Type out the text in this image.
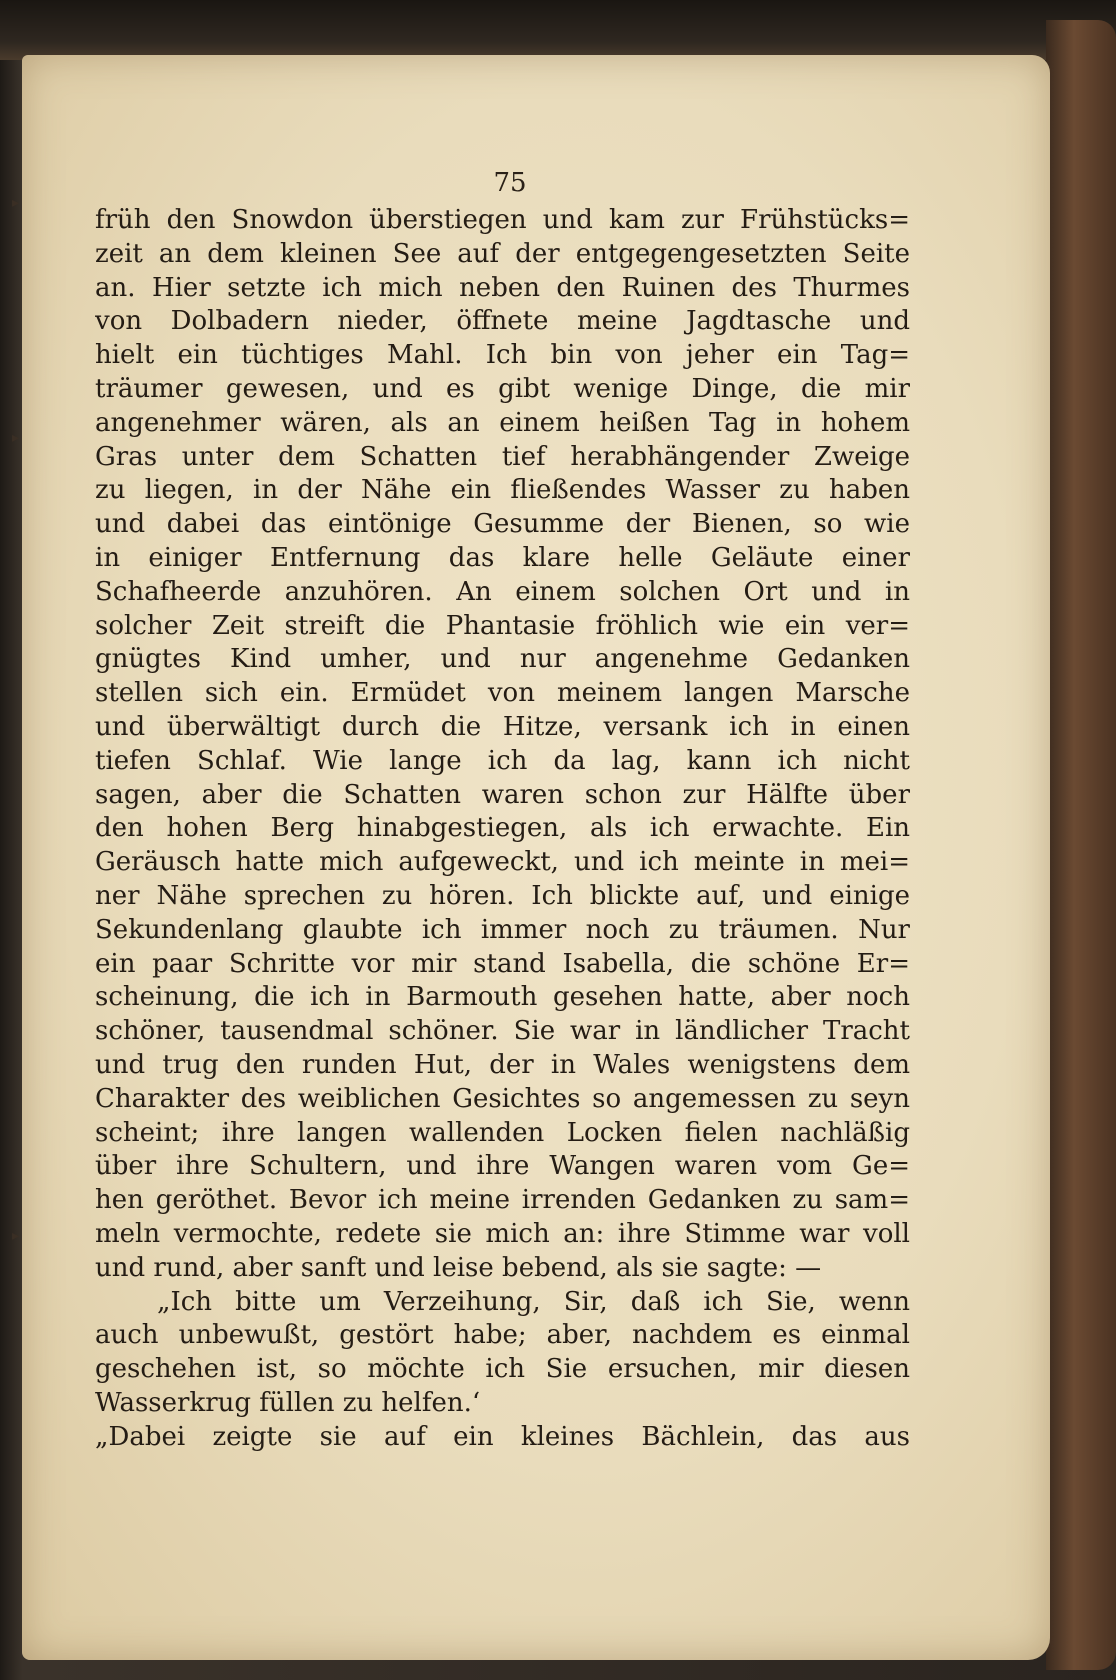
▸
▸
▸
75
früh den Snowdon überstiegen und kam zur Frühstücks=
zeit an dem kleinen See auf der entgegengesetzten Seite
an. Hier setzte ich mich neben den Ruinen des Thurmes
von Dolbadern nieder, öffnete meine Jagdtasche und
hielt ein tüchtiges Mahl. Ich bin von jeher ein Tag=
träumer gewesen, und es gibt wenige Dinge, die mir
angenehmer wären, als an einem heißen Tag in hohem
Gras unter dem Schatten tief herabhängender Zweige
zu liegen, in der Nähe ein fließendes Wasser zu haben
und dabei das eintönige Gesumme der Bienen, so wie
in einiger Entfernung das klare helle Geläute einer
Schafheerde anzuhören. An einem solchen Ort und in
solcher Zeit streift die Phantasie fröhlich wie ein ver=
gnügtes Kind umher, und nur angenehme Gedanken
stellen sich ein. Ermüdet von meinem langen Marsche
und überwältigt durch die Hitze, versank ich in einen
tiefen Schlaf. Wie lange ich da lag, kann ich nicht
sagen, aber die Schatten waren schon zur Hälfte über
den hohen Berg hinabgestiegen, als ich erwachte. Ein
Geräusch hatte mich aufgeweckt, und ich meinte in mei=
ner Nähe sprechen zu hören. Ich blickte auf, und einige
Sekundenlang glaubte ich immer noch zu träumen. Nur
ein paar Schritte vor mir stand Isabella, die schöne Er=
scheinung, die ich in Barmouth gesehen hatte, aber noch
schöner, tausendmal schöner. Sie war in ländlicher Tracht
und trug den runden Hut, der in Wales wenigstens dem
Charakter des weiblichen Gesichtes so angemessen zu seyn
scheint; ihre langen wallenden Locken fielen nachläßig
über ihre Schultern, und ihre Wangen waren vom Ge=
hen geröthet. Bevor ich meine irrenden Gedanken zu sam=
meln vermochte, redete sie mich an: ihre Stimme war voll
und rund, aber sanft und leise bebend, als sie sagte: —
„Ich bitte um Verzeihung, Sir, daß ich Sie, wenn
auch unbewußt, gestört habe; aber, nachdem es einmal
geschehen ist, so möchte ich Sie ersuchen, mir diesen
Wasserkrug füllen zu helfen.‘
„Dabei zeigte sie auf ein kleines Bächlein, das aus
